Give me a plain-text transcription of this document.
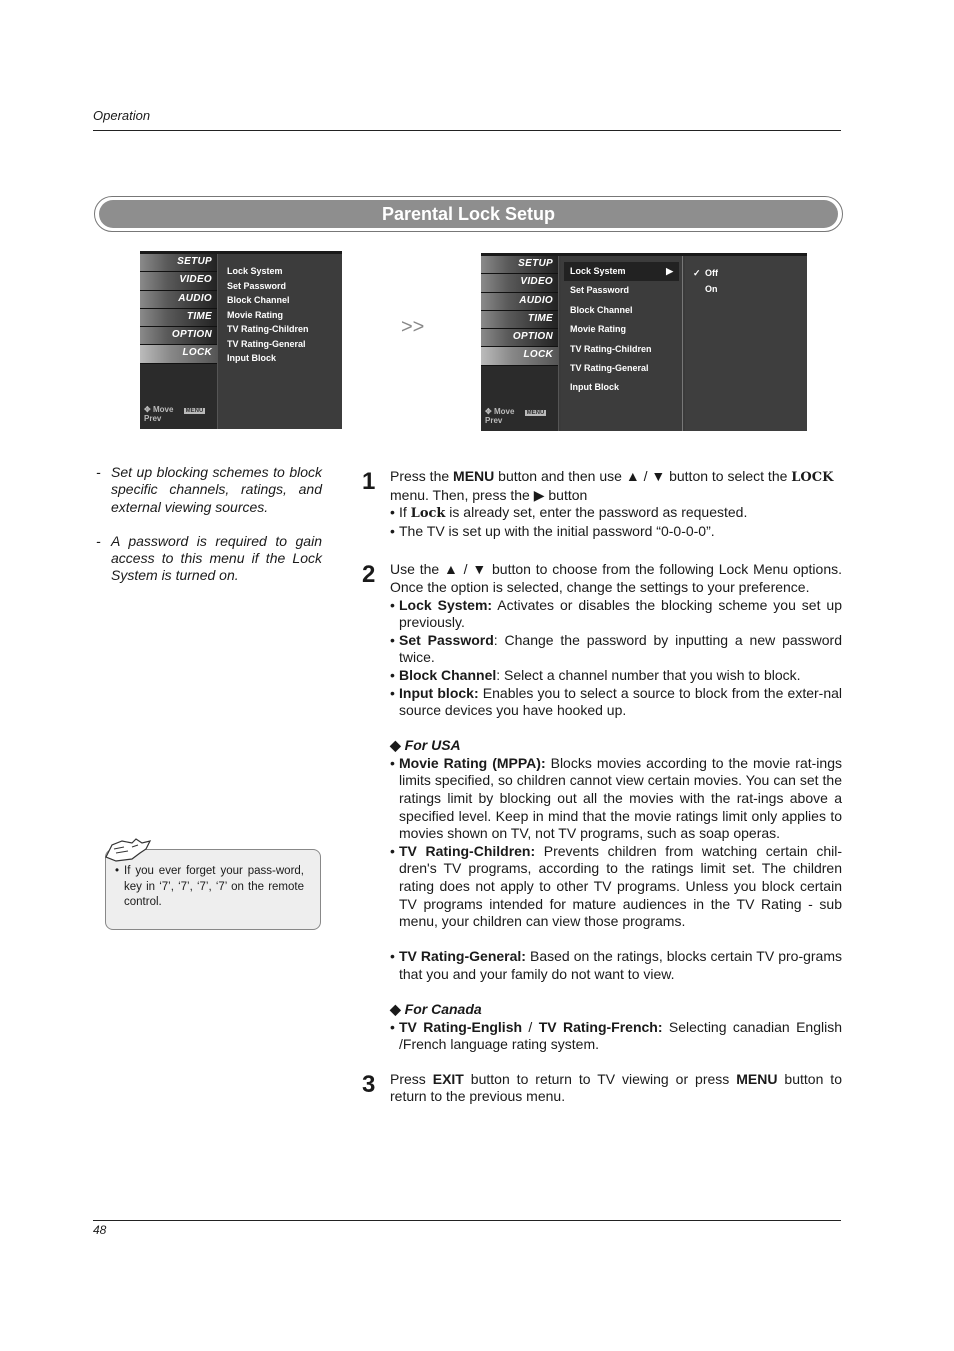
Operation
Parental Lock Setup
SETUP
VIDEO
AUDIO
TIME
OPTION
LOCK
✥ Move MENU Prev
Lock System
Set Password
Block Channel
Movie Rating
TV Rating-Children
TV Rating-General
Input Block
>>
SETUP
VIDEO
AUDIO
TIME
OPTION
LOCK
✥ Move MENU Prev
Lock System	▶
Set Password
Block Channel
Movie Rating
TV Rating-Children
TV Rating-General
Input Block
✓ Off
On
- Set up blocking schemes to block specific channels, ratings, and external viewing sources.
- A password is required to gain access to this menu if the Lock System is turned on.
• If you ever forget your pass-word, key in ‘7’, ‘7’, ‘7’, ‘7’ on the remote control.
1 Press the MENU button and then use ▲ / ▼ button to select the LOCK
menu. Then, press the ▶ button

• If Lock is already set, enter the password as requested.
• The TV is set up with the initial password “0-0-0-0”.
2 Use the ▲ / ▼ button to choose from the following Lock Menu options. Once the option is selected, change the settings to your preference.

• Lock System: Activates or disables the blocking scheme you set up previously.
• Set Password: Change the password by inputting a new password twice.
• Block Channel: Select a channel number that you wish to block.
• Input block: Enables you to select a source to block from the exter-nal source devices you have hooked up.
◆ For USA
• Movie Rating (MPPA): Blocks movies according to the movie rat-ings limits specified, so children cannot view certain movies. You can set the ratings limit by blocking out all the movies with the rat-ings above a specified level. Keep in mind that the movie ratings limit only applies to movies shown on TV, not TV programs, such as soap operas.
• TV Rating-Children: Prevents children from watching certain chil-dren's TV programs, according to the ratings limit set. The children rating does not apply to other TV programs. Unless you block certain TV programs intended for mature audiences in the TV Rating - sub menu, your children can view those programs.
• TV Rating-General: Based on the ratings, blocks certain TV pro-grams that you and your family do not want to view.
◆ For Canada
• TV Rating-English / TV Rating-French: Selecting canadian English /French language rating system.
3 Press EXIT button to return to TV viewing or press MENU button to return to the previous menu.

48
